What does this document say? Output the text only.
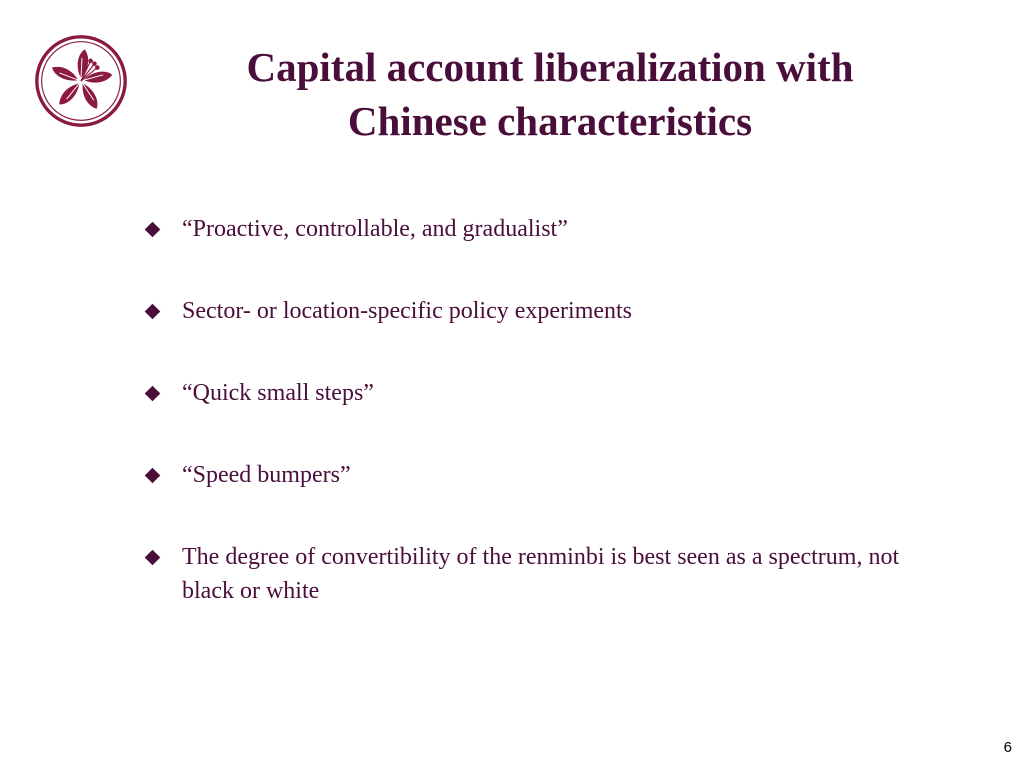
Capital account liberalization with
Chinese characteristics
“Proactive, controllable, and gradualist”
Sector- or location-specific policy experiments
“Quick small steps”
“Speed bumpers”
The degree of convertibility of the renminbi is best seen as a spectrum, not black or white
6
